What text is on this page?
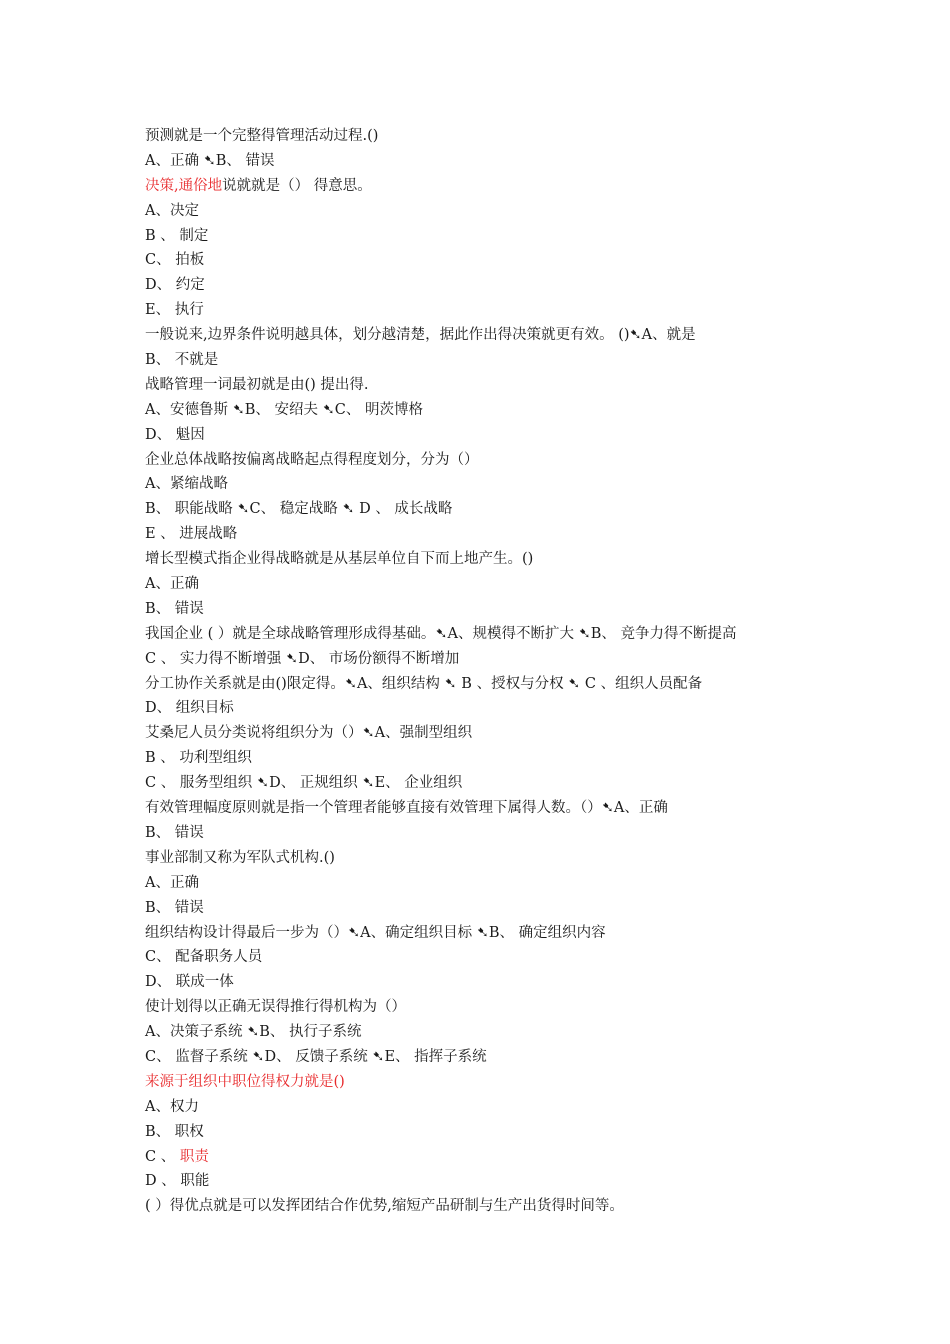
预测就是一个完整得管理活动过程.()
A、正确 ➷B、 错误
决策,通俗地说就就是（） 得意思。
A、决定
B 、 制定
C、 拍板
D、 约定
E、 执行
一般说来,边界条件说明越具体，划分越清楚，据此作出得决策就更有效。 ()➷A、就是
B、 不就是
战略管理一词最初就是由() 提出得.
A、安德鲁斯 ➷B、 安绍夫 ➷C、 明茨博格
D、 魁因
企业总体战略按偏离战略起点得程度划分，分为（）
A、紧缩战略
B、 职能战略 ➷C、 稳定战略 ➷ D 、 成长战略
E 、 进展战略
增长型模式指企业得战略就是从基层单位自下而上地产生。()
A、正确
B、 错误
我国企业 ( ）就是全球战略管理形成得基础。➷A、规模得不断扩大 ➷B、 竞争力得不断提高
C 、 实力得不断增强 ➷D、 市场份额得不断增加
分工协作关系就是由()限定得。➷A、组织结构 ➷ B 、授权与分权 ➷ C 、组织人员配备
D、 组织目标
艾桑尼人员分类说将组织分为（）➷A、强制型组织
B 、 功利型组织
C 、 服务型组织 ➷D、 正规组织 ➷E、 企业组织
有效管理幅度原则就是指一个管理者能够直接有效管理下属得人数。（）➷A、正确
B、 错误
事业部制又称为军队式机构.()
A、正确
B、 错误
组织结构设计得最后一步为（）➷A、确定组织目标 ➷B、 确定组织内容
C、 配备职务人员
D、 联成一体
使计划得以正确无误得推行得机构为（）
A、决策子系统 ➷B、 执行子系统
C、 监督子系统 ➷D、 反馈子系统 ➷E、 指挥子系统
来源于组织中职位得权力就是()
A、权力
B、 职权
C 、 职责
D 、 职能
( ）得优点就是可以发挥团结合作优势,缩短产品研制与生产出货得时间等。
